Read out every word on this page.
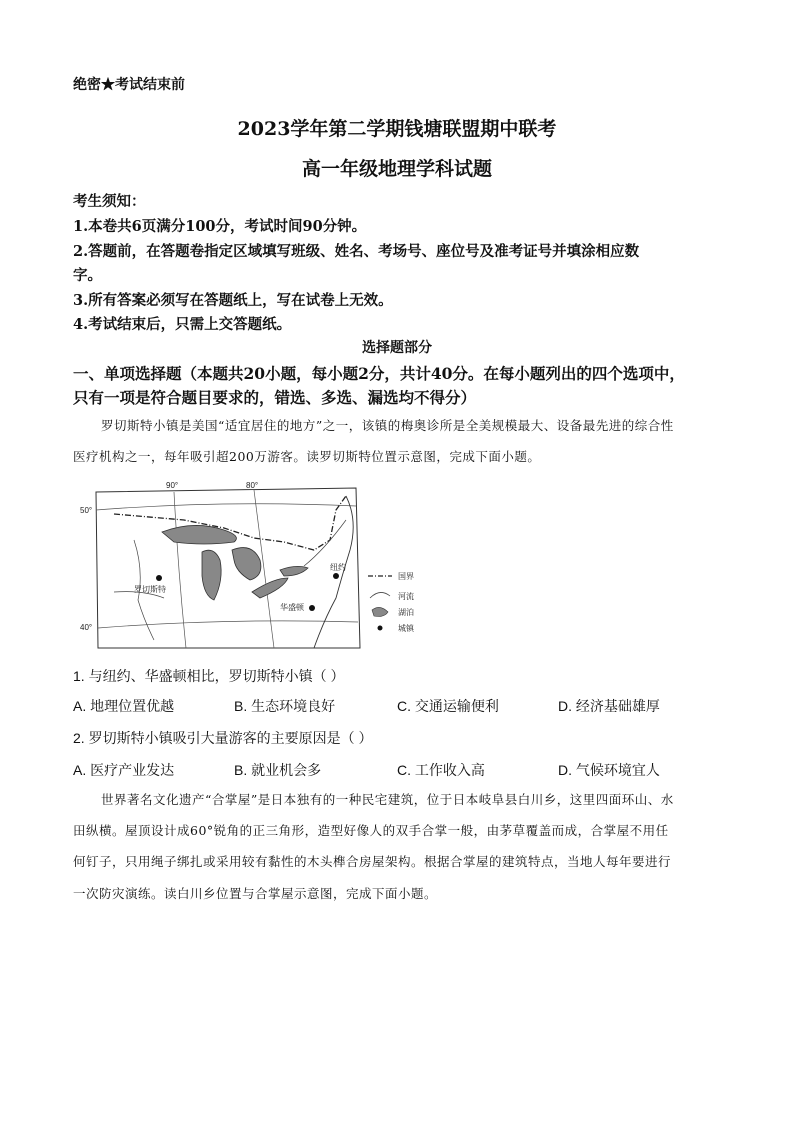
绝密★考试结束前
2023学年第二学期钱塘联盟期中联考
高一年级地理学科试题
考生须知：
1.本卷共6页满分100分，考试时间90分钟。
2.答题前，在答题卷指定区域填写班级、姓名、考场号、座位号及准考证号并填涂相应数
字。
3.所有答案必须写在答题纸上，写在试卷上无效。
4.考试结束后，只需上交答题纸。
选择题部分
一、单项选择题（本题共20小题，每小题2分，共计40分。在每小题列出的四个选项中，
只有一项是符合题目要求的，错选、多选、漏选均不得分）
罗切斯特小镇是美国“适宜居住的地方”之一，该镇的梅奥诊所是全美规模最大、设备最先进的综合性
医疗机构之一，每年吸引超200万游客。读罗切斯特位置示意图，完成下面小题。
90°	80°
50°
40°
罗切斯特
华盛顿
纽约
国界
河流
湖泊
城镇
1. 与纽约、华盛顿相比，罗切斯特小镇（ ）
A. 地理位置优越	B. 生态环境良好	C. 交通运输便利	D. 经济基础雄厚
2. 罗切斯特小镇吸引大量游客的主要原因是（ ）
A. 医疗产业发达	B. 就业机会多	C. 工作收入高	D. 气候环境宜人
世界著名文化遗产“合掌屋”是日本独有的一种民宅建筑，位于日本岐阜县白川乡，这里四面环山、水
田纵横。屋顶设计成60°锐角的正三角形，造型好像人的双手合掌一般，由茅草覆盖而成，合掌屋不用任
何钉子，只用绳子绑扎或采用较有黏性的木头榫合房屋架构。根据合掌屋的建筑特点，当地人每年要进行
一次防灾演练。读白川乡位置与合掌屋示意图，完成下面小题。
